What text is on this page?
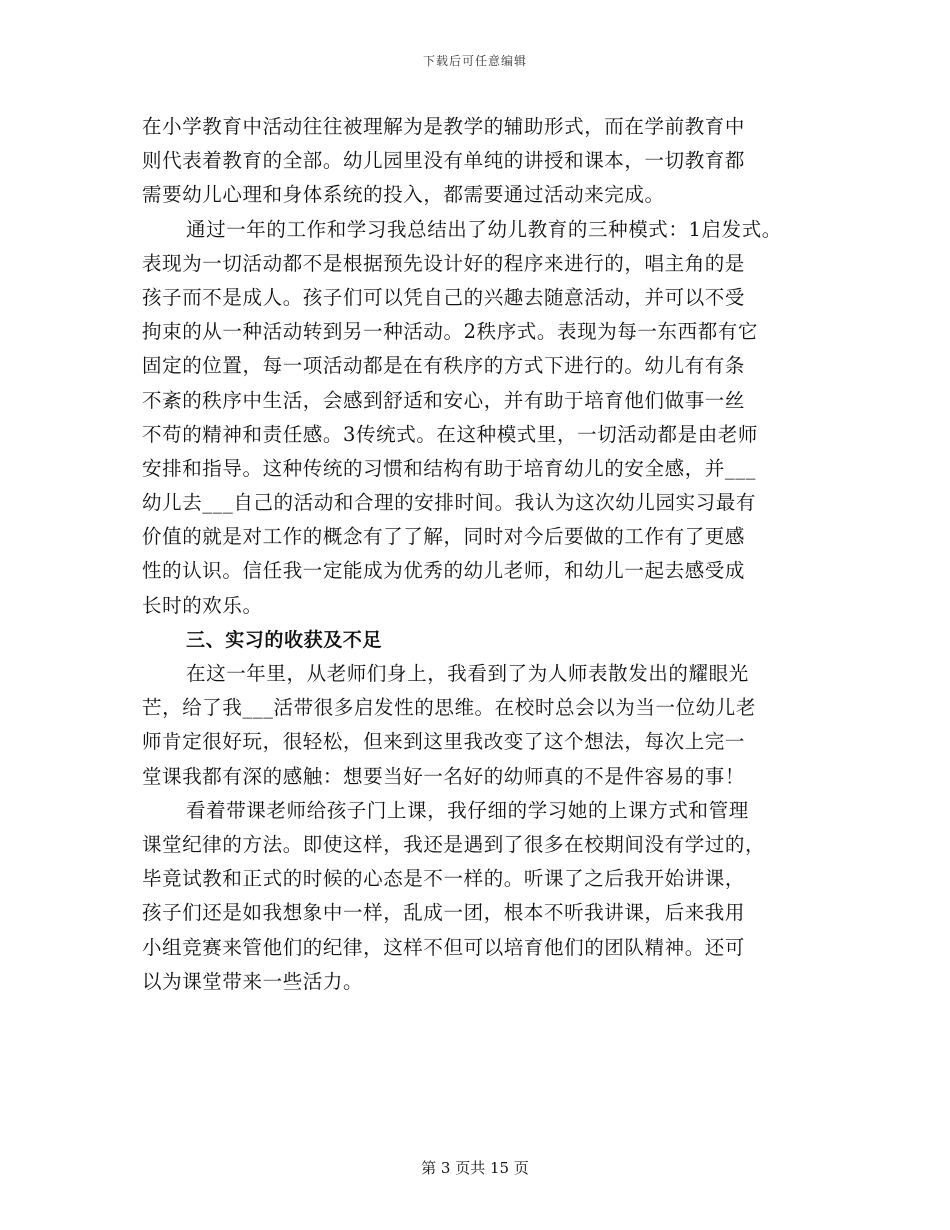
下载后可任意编辑
在小学教育中活动往往被理解为是教学的辅助形式，而在学前教育中
则代表着教育的全部。幼儿园里没有单纯的讲授和课本，一切教育都
需要幼儿心理和身体系统的投入，都需要通过活动来完成。
通过一年的工作和学习我总结出了幼儿教育的三种模式：1启发式。
表现为一切活动都不是根据预先设计好的程序来进行的，唱主角的是
孩子而不是成人。孩子们可以凭自己的兴趣去随意活动，并可以不受
拘束的从一种活动转到另一种活动。2秩序式。表现为每一东西都有它
固定的位置，每一项活动都是在有秩序的方式下进行的。幼儿有有条
不紊的秩序中生活，会感到舒适和安心，并有助于培育他们做事一丝
不苟的精神和责任感。3传统式。在这种模式里，一切活动都是由老师
安排和指导。这种传统的习惯和结构有助于培育幼儿的安全感，并___
幼儿去___自己的活动和合理的安排时间。我认为这次幼儿园实习最有
价值的就是对工作的概念有了了解，同时对今后要做的工作有了更感
性的认识。信任我一定能成为优秀的幼儿老师，和幼儿一起去感受成
长时的欢乐。
三、实习的收获及不足
在这一年里，从老师们身上，我看到了为人师表散发出的耀眼光
芒，给了我___活带很多启发性的思维。在校时总会以为当一位幼儿老
师肯定很好玩，很轻松，但来到这里我改变了这个想法，每次上完一
堂课我都有深的感触：想要当好一名好的幼师真的不是件容易的事！
看着带课老师给孩子门上课，我仔细的学习她的上课方式和管理
课堂纪律的方法。即使这样，我还是遇到了很多在校期间没有学过的，
毕竟试教和正式的时候的心态是不一样的。听课了之后我开始讲课，
孩子们还是如我想象中一样，乱成一团，根本不听我讲课，后来我用
小组竞赛来管他们的纪律，这样不但可以培育他们的团队精神。还可
以为课堂带来一些活力。
第 3 页共 15 页
